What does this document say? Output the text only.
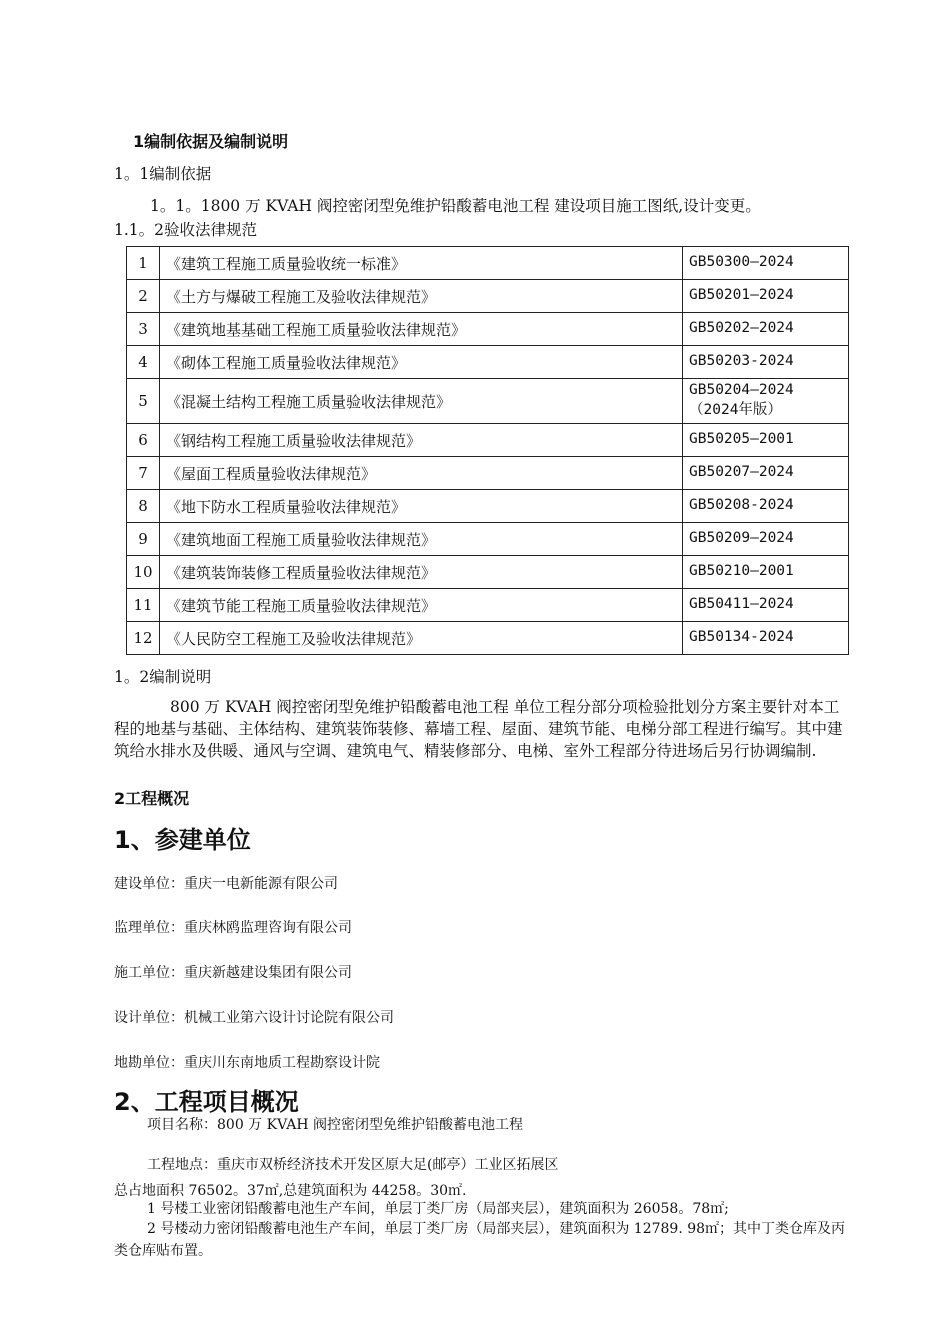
1编制依据及编制说明
1。1编制依据
1。1。1800 万 KVAH 阀控密闭型免维护铅酸蓄电池工程 建设项目施工图纸,设计变更。
1.1。2验收法律规范
1	《建筑工程施工质量验收统一标准》	GB50300—2024

2	《土方与爆破工程施工及验收法律规范》	GB50201—2024

3	《建筑地基基础工程施工质量验收法律规范》	GB50202—2024

4	《砌体工程施工质量验收法律规范》	GB50203-2024

5	《混凝土结构工程施工质量验收法律规范》	GB50204—2024
（2024年版）

6	《钢结构工程施工质量验收法律规范》	GB50205—2001

7	《屋面工程质量验收法律规范》	GB50207—2024

8	《地下防水工程质量验收法律规范》	GB50208-2024

9	《建筑地面工程施工质量验收法律规范》	GB50209—2024

10	《建筑装饰装修工程质量验收法律规范》	GB50210—2001

11	《建筑节能工程施工质量验收法律规范》	GB50411—2024

12	《人民防空工程施工及验收法律规范》	GB50134-2024
1。2编制说明
800 万 KVAH 阀控密闭型免维护铅酸蓄电池工程 单位工程分部分项检验批划分方案主要针对本工程的地基与基础、主体结构、建筑装饰装修、幕墙工程、屋面、建筑节能、电梯分部工程进行编写。其中建筑给水排水及供暖、通风与空调、建筑电气、精装修部分、电梯、室外工程部分待进场后另行协调编制.
2工程概况
1、参建单位
建设单位：重庆一电新能源有限公司
监理单位：重庆林鸥监理咨询有限公司
施工单位：重庆新越建设集团有限公司
设计单位：机械工业第六设计讨论院有限公司
地勘单位：重庆川东南地质工程勘察设计院
2、工程项目概况
项目名称：800 万 KVAH 阀控密闭型免维护铅酸蓄电池工程
工程地点：重庆市双桥经济技术开发区原大足(邮亭）工业区拓展区
总占地面积 76502。37㎡,总建筑面积为 44258。30㎡.
1 号楼工业密闭铅酸蓄电池生产车间，单层丁类厂房（局部夹层），建筑面积为 26058。78㎡;
2 号楼动力密闭铅酸蓄电池生产车间，单层丁类厂房（局部夹层），建筑面积为 12789. 98㎡；其中丁类仓库及丙类仓库贴布置。
